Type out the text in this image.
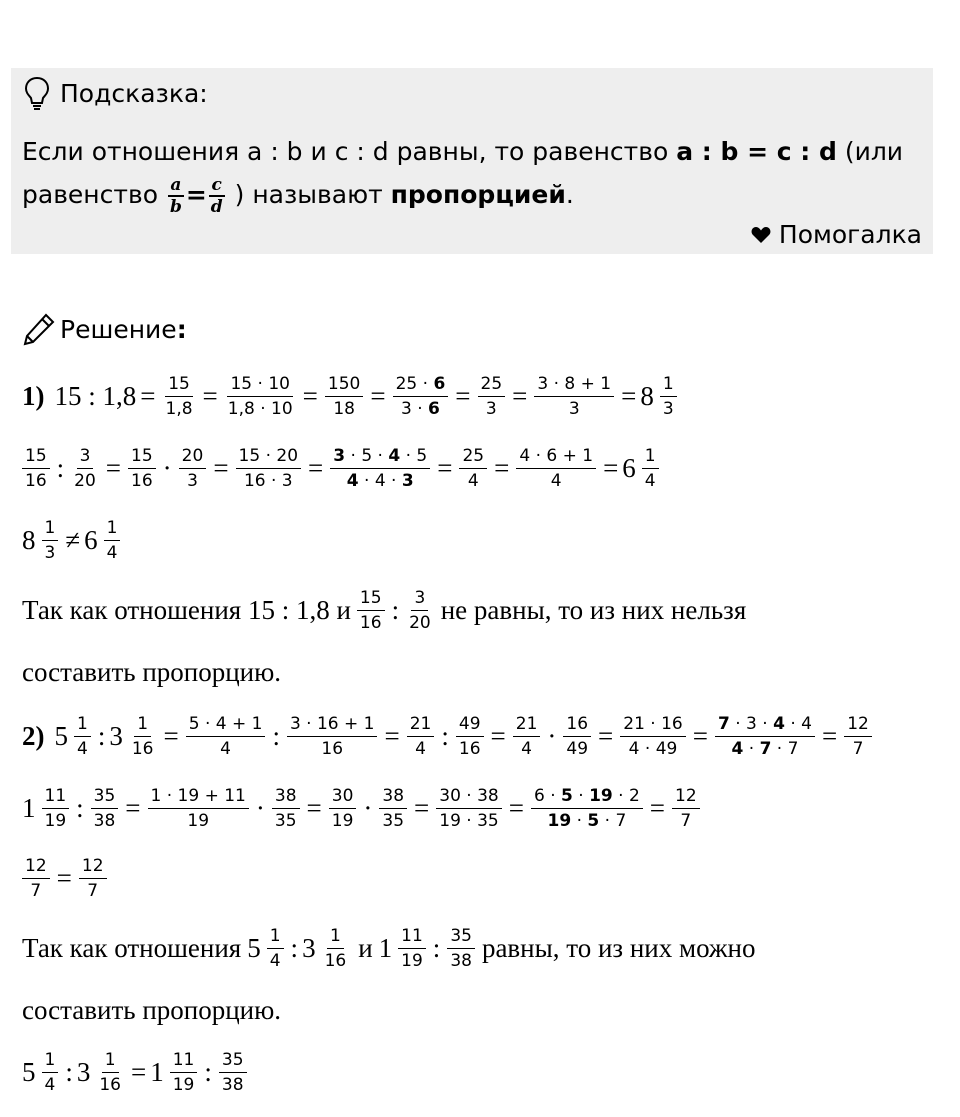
Подсказка:
Если отношения a : b и c : d равны, то равенство a : b = c : d (или
равенство $\frac{a}{b} = \frac{c}{d}$ ) называют пропорцией.
Помогалка
Решение:
1) 15 : $1,8 = \frac{15}{1,8} = \frac{15 \cdot 10}{1,8 \cdot 10} = \frac{150}{18} = \frac{25 \cdot 6}{3 \cdot 6} = \frac{25}{3} = \frac{3 \cdot 8 + 1}{3} = 8 \frac{1}{3}$
$\frac{15}{16}$ : $\frac{3}{20} = \frac{15}{16} \cdot \frac{20}{3} = \frac{15 \cdot 20}{16 \cdot 3} = \frac{3 \cdot 5 \cdot 4 \cdot 5}{4 \cdot 4 \cdot 3} = \frac{25}{4} = \frac{4 \cdot 6 + 1}{4} = 6 \frac{1}{4}$
$8 \frac{1}{3} \ne 6 \frac{1}{4}$
Так как отношения 15 : 1,8 и $\frac{15}{16}$ : $\frac{3}{20}$ не равны, то из них нельзя
составить пропорцию.
2) $5 \frac{1}{4}$ : $3 \frac{1}{16} = \frac{5 \cdot 4 + 1}{4}$ : $\frac{3 \cdot 16 + 1}{16} = \frac{21}{4}$ : $\frac{49}{16} = \frac{21}{4} \cdot \frac{16}{49} = \frac{21 \cdot 16}{4 \cdot 49} = \frac{7 \cdot 3 \cdot 4 \cdot 4}{4 \cdot 7 \cdot 7} = \frac{12}{7}$
$1 \frac{11}{19}$ : $\frac{35}{38} = \frac{1 \cdot 19 + 11}{19} \cdot \frac{38}{35} = \frac{30}{19} \cdot \frac{38}{35} = \frac{30 \cdot 38}{19 \cdot 35} = \frac{6 \cdot 5 \cdot 19 \cdot 2}{19 \cdot 5 \cdot 7} = \frac{12}{7}$
$\frac{12}{7} = \frac{12}{7}$
Так как отношения $5 \frac{1}{4}$ : $3 \frac{1}{16}$ и $1 \frac{11}{19}$ : $\frac{35}{38}$ равны, то из них можно
составить пропорцию.
$5 \frac{1}{4}$ : $3 \frac{1}{16} = 1 \frac{11}{19}$ : $\frac{35}{38}$
